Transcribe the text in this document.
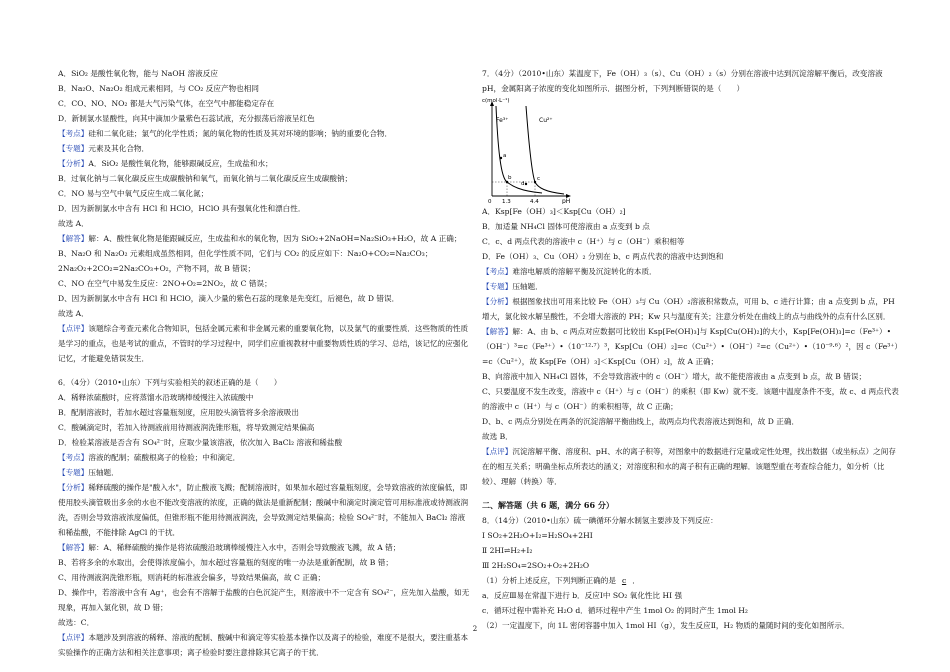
A．SiO₂ 是酸性氧化物，能与 NaOH 溶液反应
B．Na₂O、Na₂O₂ 组成元素相同，与 CO₂ 反应产物也相同
C．CO、NO、NO₂ 都是大气污染气体，在空气中都能稳定存在
D．新制氯水显酸性，向其中滴加少量紫色石蕊试液，充分振荡后溶液呈红色
【考点】硅和二氧化硅；氯气的化学性质；氮的氧化物的性质及其对环境的影响；钠的重要化合物．
【专题】元素及其化合物．
【分析】A．SiO₂ 是酸性氧化物，能够跟碱反应，生成盐和水；
B．过氧化钠与二氧化碳反应生成碳酸钠和氧气，而氧化钠与二氧化碳反应生成碳酸钠；
C．NO 易与空气中氧气反应生成二氧化氮；
D．因为新制氯水中含有 HCl 和 HClO，HClO 具有强氧化性和漂白性．
故选 A．
【解答】解：A、酸性氧化物是能跟碱反应，生成盐和水的氧化物，因为 SiO₂+2NaOH=Na₂SiO₃+H₂O，故 A 正确；
B、Na₂O 和 Na₂O₂ 元素组成虽然相同，但化学性质不同，它们与 CO₂ 的反应如下：Na₂O+CO₂=Na₂CO₃；
2Na₂O₂+2CO₂=2Na₂CO₃+O₂，产物不同，故 B 错误；
C、NO 在空气中易发生反应：2NO+O₂=2NO₂，故 C 错误；
D、因为新制氯水中含有 HCl 和 HClO，滴入少量的紫色石蕊的现象是先变红，后褪色，故 D 错误．
故选 A．
【点评】该题综合考查元素化合物知识，包括金属元素和非金属元素的重要氧化物，以及氯气的重要性质．这些物质的性质是学习的重点，也是考试的重点，不管时的学习过程中，同学们应重视教材中重要物质性质的学习、总结，该记忆的应强化记忆，才能避免错误发生．
6．（4分）（2010•山东）下列与实验相关的叙述正确的是（　　）
A．稀释浓硫酸时，应将蒸馏水沿玻璃棒缓慢注入浓硫酸中
B．配制溶液时，若加水超过容量瓶刻度，应用胶头滴管将多余溶液吸出
C．酸碱滴定时，若加入待测液前用待测液润洗锥形瓶，将导致测定结果偏高
D．检验某溶液是否含有 SO₄²⁻时，应取少量该溶液，依次加入 BaCl₂ 溶液和稀盐酸
【考点】溶液的配制；硫酸根离子的检验；中和滴定．
【专题】压轴题．
【分析】稀释硫酸的操作是"酸入水"，防止酸液飞溅；配制溶液时，如果加水超过容量瓶刻度，会导致溶液的浓度偏低，即使用胶头滴管吸出多余的水也不能改变溶液的浓度，正确的做法是重新配制；酸碱中和滴定时滴定管可用标准液或待测液润洗，否则会导致溶液浓度偏低，但锥形瓶不能用待测液润洗，会导致测定结果偏高；检验 SO₄²⁻时，不能加入 BaCl₂ 溶液和稀盐酸，不能排除 AgCl 的干扰．
【解答】解：A、稀释硫酸的操作是将浓硫酸沿玻璃棒缓慢注入水中，否则会导致酸液飞溅，故 A 错；
B、若将多余的水取出，会使得浓度偏小，加水超过容量瓶的刻度的唯一办法是重新配制，故 B 错；
C、用待测液润洗锥形瓶，则消耗的标准液会偏多，导致结果偏高，故 C 正确；
D、操作中，若溶液中含有 Ag⁺，也会有不溶解于盐酸的白色沉淀产生，则溶液中不一定含有 SO₄²⁻，应先加入盐酸，如无现象，再加入氯化钡，故 D 错；
故选：C．
【点评】本题涉及到溶液的稀释、溶液的配制、酸碱中和滴定等实验基本操作以及离子的检验，难度不是很大，要注重基本实验操作的正确方法和相关注意事项；离子检验时要注意排除其它离子的干扰．
7．（4分）（2010•山东）某温度下，Fe（OH）₃（s）、Cu（OH）₂（s）分别在溶液中达到沉淀溶解平衡后，改变溶液 pH，金属阳离子浓度的变化如图所示．据图分析，下列判断错误的是（　　）
c(mol·L⁻¹)
pH
0 1.3	4.4
Fe³⁺	Cu²⁺
a
b	c
d
A．Ksp[Fe（OH）₃]＜Ksp[Cu（OH）₂]
B．加适量 NH₄Cl 固体可使溶液由 a 点变到 b 点
C．c、d 两点代表的溶液中 c（H⁺）与 c（OH⁻）乘积相等
D．Fe（OH）₃、Cu（OH）₂ 分别在 b、c 两点代表的溶液中达到饱和
【考点】难溶电解质的溶解平衡及沉淀转化的本质．
【专题】压轴题．
【分析】根据图象找出可用来比较 Fe（OH）₃与 Cu（OH）₂溶液积常数点，可用 b、c 进行计算；由 a 点变到 b 点，PH 增大，氯化铵水解呈酸性，不会增大溶液的 PH；Kw 只与温度有关；注意分析处在曲线上的点与曲线外的点有什么区别．
【解答】解：A、由 b、c 两点对应数据可比较出 Ksp[Fe(OH)₃]与 Ksp[Cu(OH)₂]的大小，Ksp[Fe(OH)₃]=c（Fe³⁺）•（OH⁻）³=c（Fe³⁺）•（10⁻¹²·⁷）³，Ksp[Cu（OH）₂]=c（Cu²⁺）•（OH⁻）²=c（Cu²⁺）•（10⁻⁹·⁶）²，因 c（Fe³⁺）=c（Cu²⁺），故 Ksp[Fe（OH）₃]＜Ksp[Cu（OH）₂]，故 A 正确；
B、向溶液中加入 NH₄Cl 固体，不会导致溶液中的 c（OH⁻）增大，故不能使溶液由 a 点变到 b 点，故 B 错误；
C、只要温度不发生改变，溶液中 c（H⁺）与 c（OH⁻）的乘积（即 Kw）就不变．该题中温度条件不变，故 c、d 两点代表的溶液中 c（H⁺）与 c（OH⁻）的乘积相等，故 C 正确；
D、b、c 两点分别处在两条的沉淀溶解平衡曲线上，故两点均代表溶液达到饱和，故 D 正确．
故选 B．
【点评】沉淀溶解平衡、溶度积、pH、水的离子积等，对图象中的数据进行定量或定性处理，找出数据（或坐标点）之间存在的相互关系；明确坐标点所表达的涵义；对溶度积和水的离子积有正确的理解．该题型重在考查综合能力，如分析（比较）、理解（转换）等．
二、解答题（共 6 题，满分 66 分）
8．（14分）（2010•山东）硫一碘循环分解水制氢主要涉及下列反应：
Ⅰ SO₂+2H₂O+I₂=H₂SO₄+2HI
Ⅱ 2HI⇌H₂+I₂
Ⅲ 2H₂SO₄=2SO₂+O₂+2H₂O
（1）分析上述反应，下列判断正确的是 c ．
a．反应Ⅲ易在常温下进行 b．反应Ⅰ中 SO₂ 氧化性比 HI 强
c．循环过程中需补充 H₂O d．循环过程中产生 1mol O₂ 的同时产生 1mol H₂
（2）一定温度下，向 1L 密闭容器中加入 1mol HI（g），发生反应Ⅱ，H₂ 物质的量随时间的变化如图所示．
2
